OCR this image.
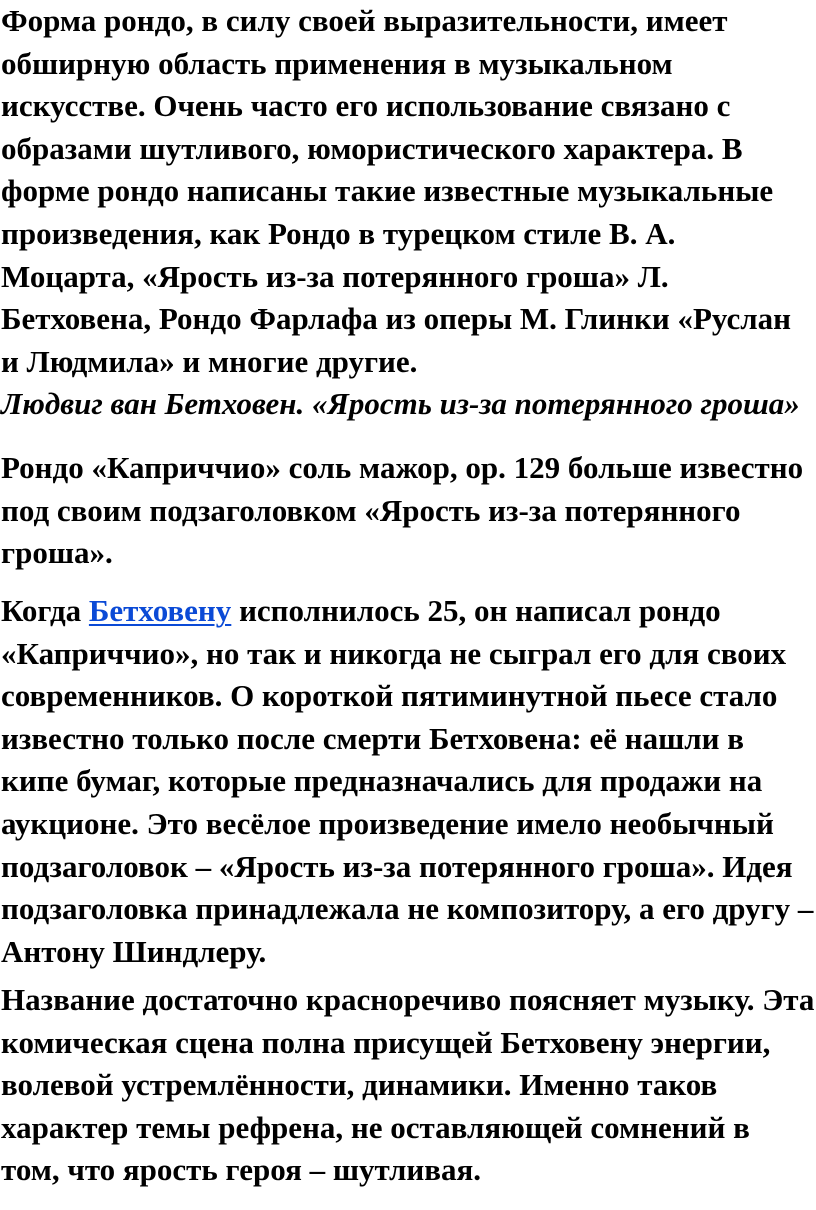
Форма рондо, в силу своей выразительности, имеет обширную область применения в музыкальном искусстве. Очень часто его использование связано с образами шутливого, юмористического характера. В форме рондо написаны такие известные музыкальные произведения, как Рондо в турецком стиле В. А. Моцарта, «Ярость из-за потерянного гроша» Л. Бетховена, Рондо Фарлафа из оперы М. Глинки «Руслан и Людмила» и многие другие.

Людвиг ван Бетховен. «Ярость из-за потерянного гроша»

Рондо «Каприччио» соль мажор, ор. 129 больше известно под своим подзаголовком «Ярость из-за потерянного гроша».

Когда Бетховену исполнилось 25, он написал рондо «Каприччио», но так и никогда не сыграл его для своих современников. О короткой пятиминутной пьесе стало известно только после смерти Бетховена: её нашли в кипе бумаг, которые предназначались для продажи на аукционе. Это весёлое произведение имело необычный подзаголовок – «Ярость из-за потерянного гроша». Идея подзаголовка принадлежала не композитору, а его другу – Антону Шиндлеру.

Название достаточно красноречиво поясняет музыку. Эта комическая сцена полна присущей Бетховену энергии, волевой устремлённости, динамики. Именно таков характер темы рефрена, не оставляющей сомнений в том, что ярость героя – шутливая.
